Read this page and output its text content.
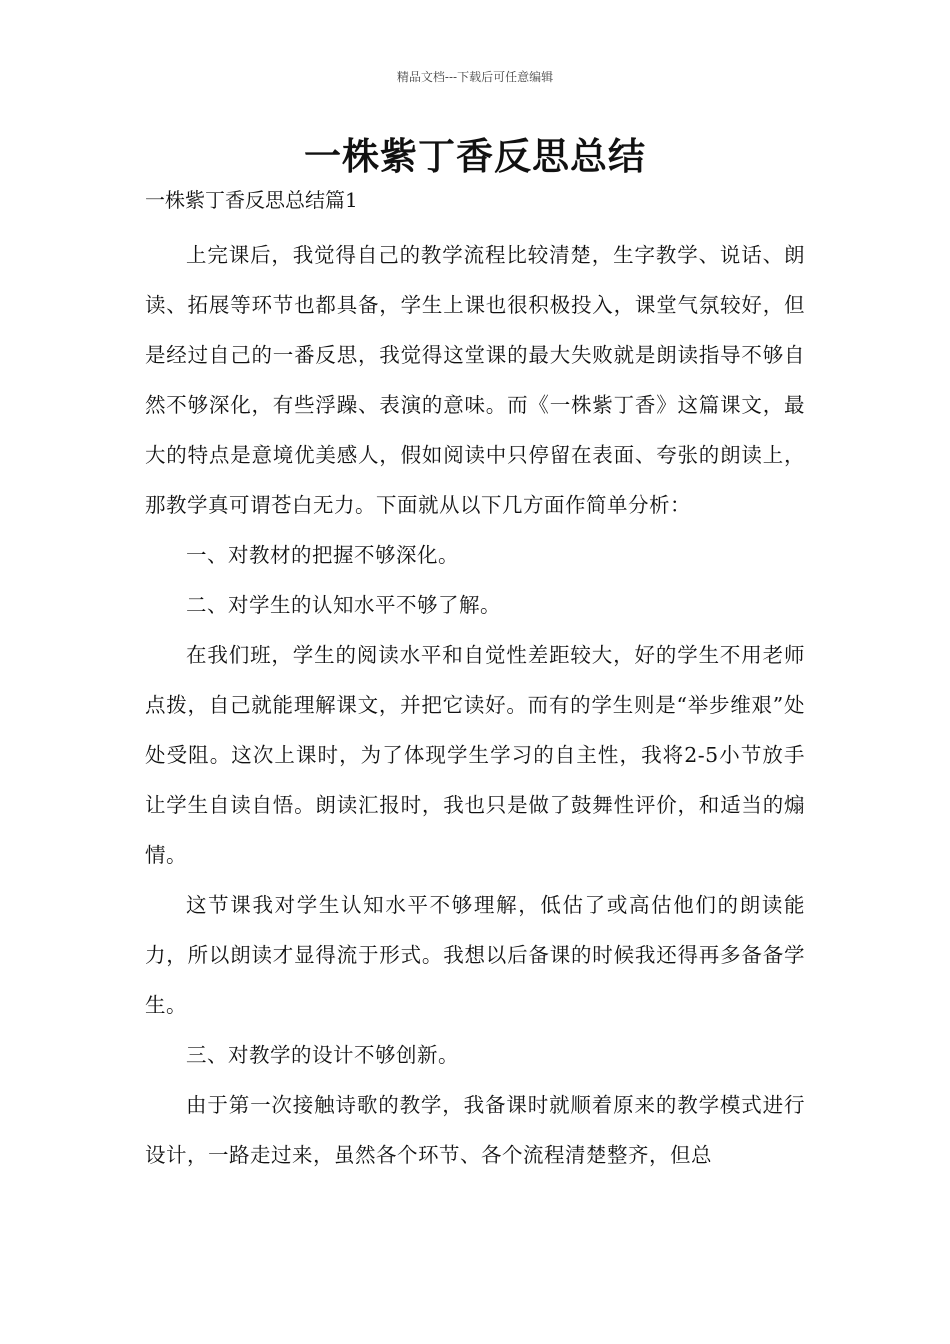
精品文档---下载后可任意编辑
一株紫丁香反思总结

一株紫丁香反思总结篇1

上完课后，我觉得自己的教学流程比较清楚，生字教学、说话、朗读、拓展等环节也都具备，学生上课也很积极投入，课堂气氛较好，但是经过自己的一番反思，我觉得这堂课的最大失败就是朗读指导不够自然不够深化，有些浮躁、表演的意味。而《一株紫丁香》这篇课文，最大的特点是意境优美感人，假如阅读中只停留在表面、夸张的朗读上，那教学真可谓苍白无力。下面就从以下几方面作简单分析：

一、对教材的把握不够深化。

二、对学生的认知水平不够了解。

在我们班，学生的阅读水平和自觉性差距较大，好的学生不用老师点拨，自己就能理解课文，并把它读好。而有的学生则是“举步维艰”处处受阻。这次上课时，为了体现学生学习的自主性，我将2-5小节放手让学生自读自悟。朗读汇报时，我也只是做了鼓舞性评价，和适当的煽情。

这节课我对学生认知水平不够理解，低估了或高估他们的朗读能力，所以朗读才显得流于形式。我想以后备课的时候我还得再多备备学生。

三、对教学的设计不够创新。

由于第一次接触诗歌的教学，我备课时就顺着原来的教学模式进行设计，一路走过来，虽然各个环节、各个流程清楚整齐，但总
